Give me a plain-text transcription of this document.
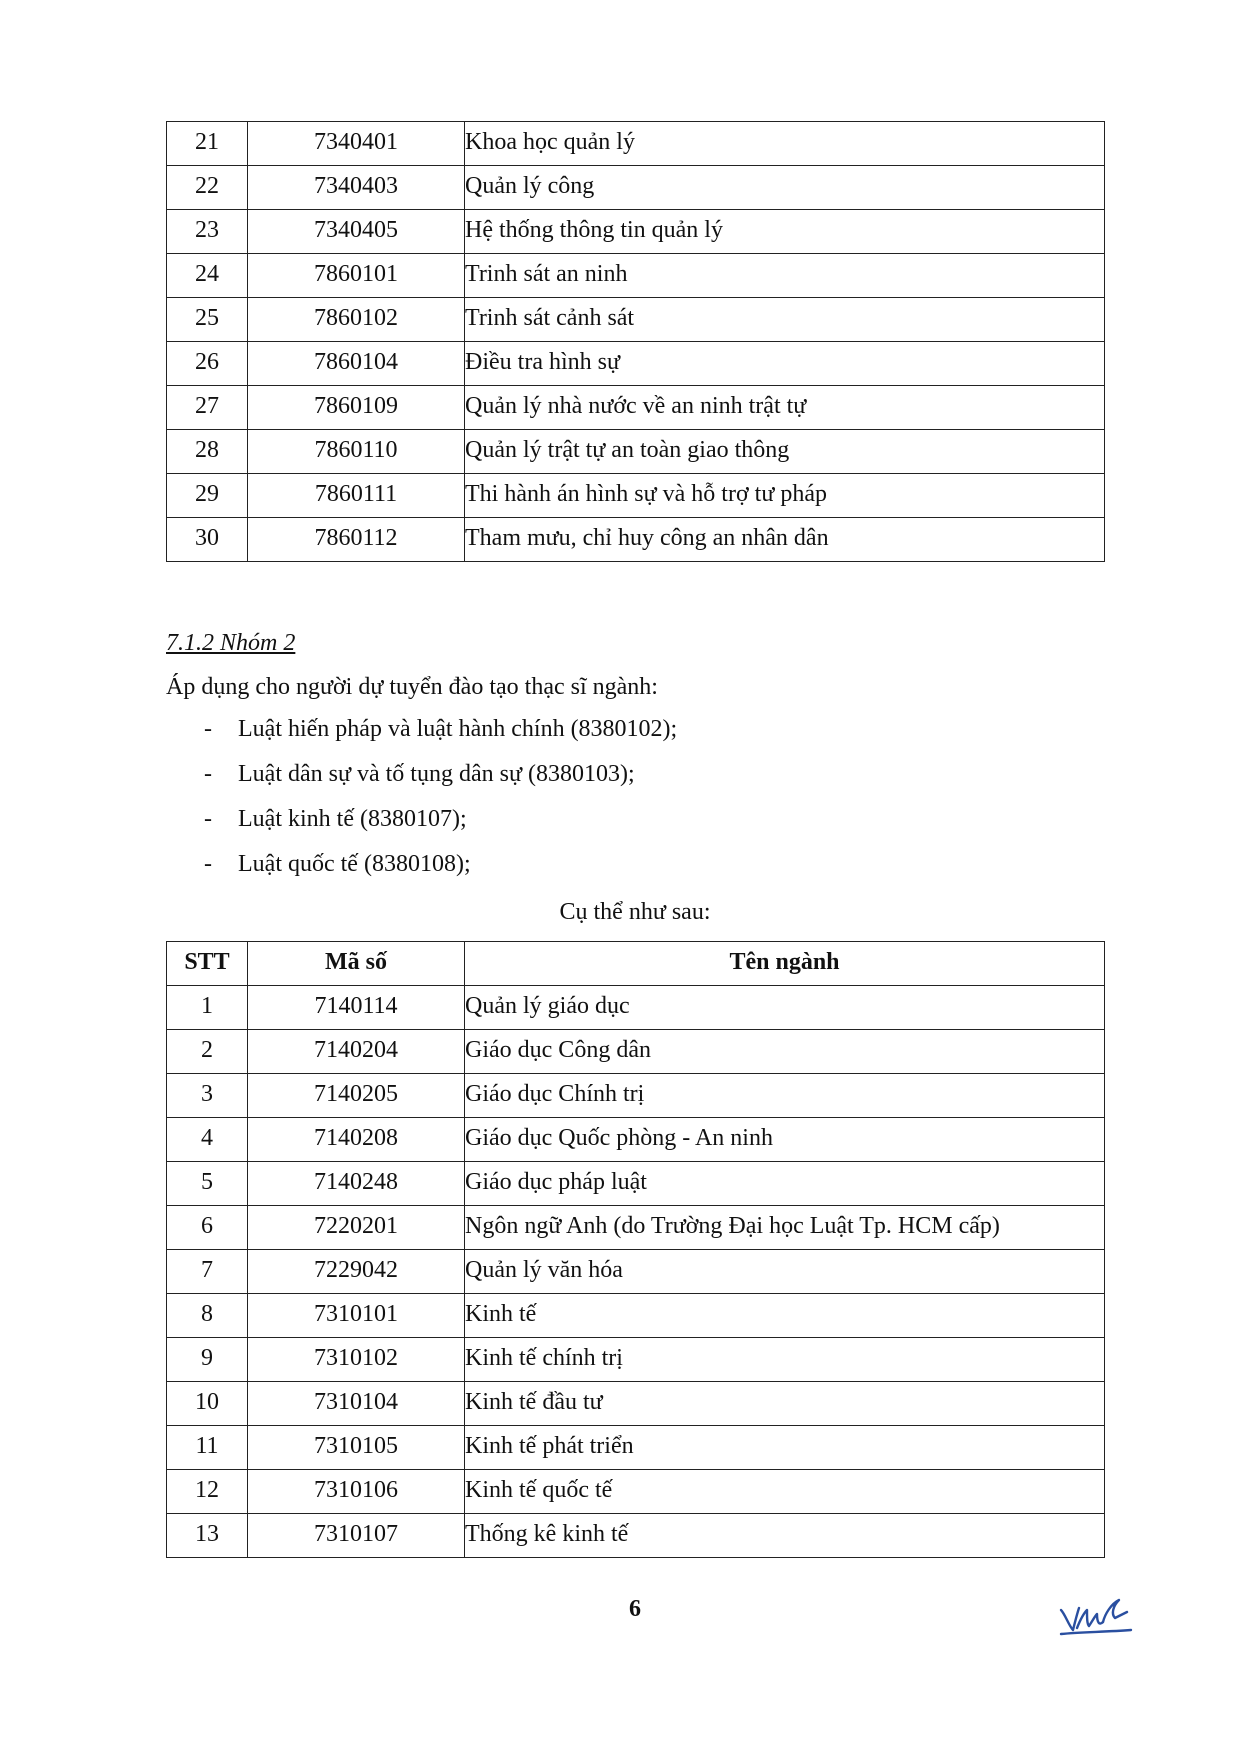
21	7340401	Khoa học quản lý
22	7340403	Quản lý công
23	7340405	Hệ thống thông tin quản lý
24	7860101	Trinh sát an ninh
25	7860102	Trinh sát cảnh sát
26	7860104	Điều tra hình sự
27	7860109	Quản lý nhà nước về an ninh trật tự
28	7860110	Quản lý trật tự an toàn giao thông
29	7860111	Thi hành án hình sự và hỗ trợ tư pháp
30	7860112	Tham mưu, chỉ huy công an nhân dân
7.1.2 Nhóm 2
Áp dụng cho người dự tuyển đào tạo thạc sĩ ngành:
- Luật hiến pháp và luật hành chính (8380102);
- Luật dân sự và tố tụng dân sự (8380103);
- Luật kinh tế (8380107);
- Luật quốc tế (8380108);
Cụ thể như sau:
STT	Mã số	Tên ngành
1	7140114	Quản lý giáo dục
2	7140204	Giáo dục Công dân
3	7140205	Giáo dục Chính trị
4	7140208	Giáo dục Quốc phòng - An ninh
5	7140248	Giáo dục pháp luật
6	7220201	Ngôn ngữ Anh (do Trường Đại học Luật Tp. HCM cấp)
7	7229042	Quản lý văn hóa
8	7310101	Kinh tế
9	7310102	Kinh tế chính trị
10	7310104	Kinh tế đầu tư
11	7310105	Kinh tế phát triển
12	7310106	Kinh tế quốc tế
13	7310107	Thống kê kinh tế
6
